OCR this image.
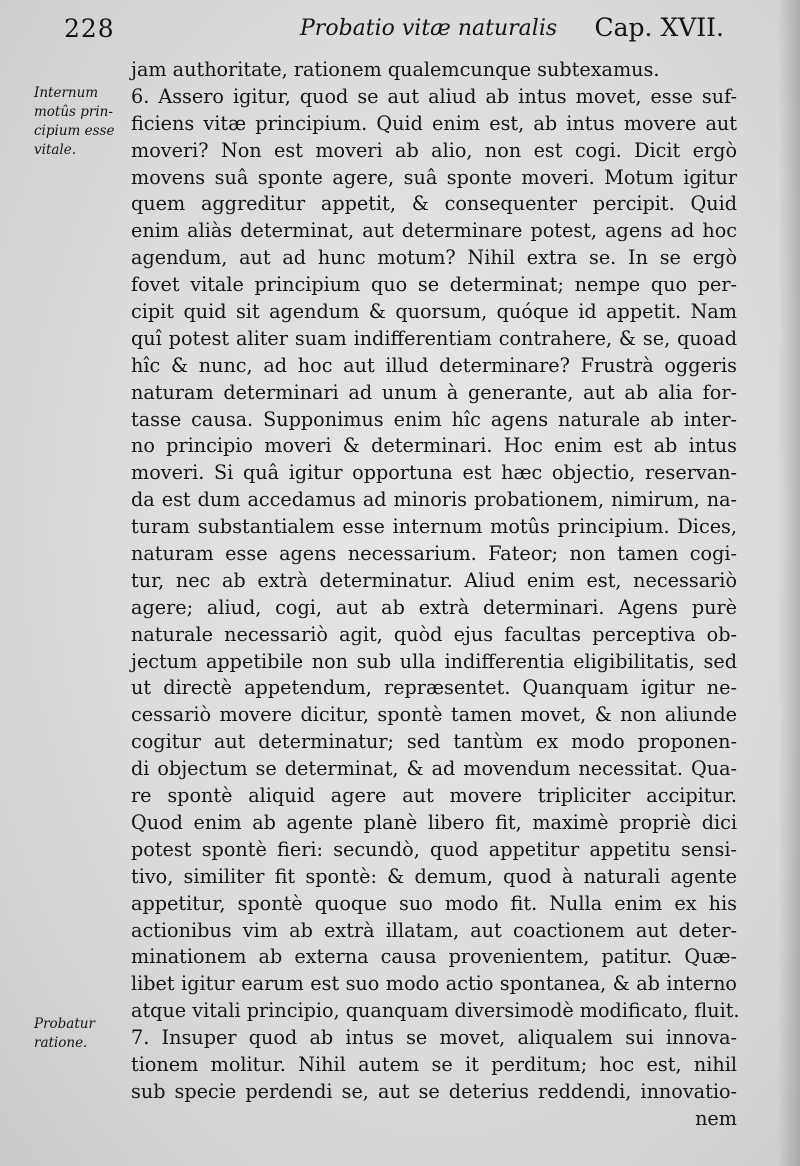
228	Probatio vitæ naturalis Cap. XVII.
Internum
motûs prin-
cipium esse
vitale.
Probatur
ratione.
jam authoritate, rationem qualemcunque subtexamus.
6. Assero igitur, quod se aut aliud ab intus movet, esse suf-
ficiens vitæ principium. Quid enim est, ab intus movere aut
moveri? Non est moveri ab alio, non est cogi. Dicit ergò
movens suâ sponte agere, suâ sponte moveri. Motum igitur
quem aggreditur appetit, & consequenter percipit. Quid
enim aliàs determinat, aut determinare potest, agens ad hoc
agendum, aut ad hunc motum? Nihil extra se. In se ergò
fovet vitale principium quo se determinat; nempe quo per-
cipit quid sit agendum & quorsum, quóque id appetit. Nam
quî potest aliter suam indifferentiam contrahere, & se, quoad
hîc & nunc, ad hoc aut illud determinare? Frustrà oggeris
naturam determinari ad unum à generante, aut ab alia for-
tasse causa. Supponimus enim hîc agens naturale ab inter-
no principio moveri & determinari. Hoc enim est ab intus
moveri. Si quâ igitur opportuna est hæc objectio, reservan-
da est dum accedamus ad minoris probationem, nimirum, na-
turam substantialem esse internum motûs principium. Dices,
naturam esse agens necessarium. Fateor; non tamen cogi-
tur, nec ab extrà determinatur. Aliud enim est, necessariò
agere; aliud, cogi, aut ab extrà determinari. Agens purè
naturale necessariò agit, quòd ejus facultas perceptiva ob-
jectum appetibile non sub ulla indifferentia eligibilitatis, sed
ut directè appetendum, repræsentet. Quanquam igitur ne-
cessariò movere dicitur, spontè tamen movet, & non aliunde
cogitur aut determinatur; sed tantùm ex modo proponen-
di objectum se determinat, & ad movendum necessitat. Qua-
re spontè aliquid agere aut movere tripliciter accipitur.
Quod enim ab agente planè libero fit, maximè propriè dici
potest spontè fieri: secundò, quod appetitur appetitu sensi-
tivo, similiter fit spontè: & demum, quod à naturali agente
appetitur, spontè quoque suo modo fit. Nulla enim ex his
actionibus vim ab extrà illatam, aut coactionem aut deter-
minationem ab externa causa provenientem, patitur. Quæ-
libet igitur earum est suo modo actio spontanea, & ab interno
atque vitali principio, quanquam diversimodè modificato, fluit.
7. Insuper quod ab intus se movet, aliqualem sui innova-
tionem molitur. Nihil autem se it perditum; hoc est, nihil
sub specie perdendi se, aut se deterius reddendi, innovatio-
nem
